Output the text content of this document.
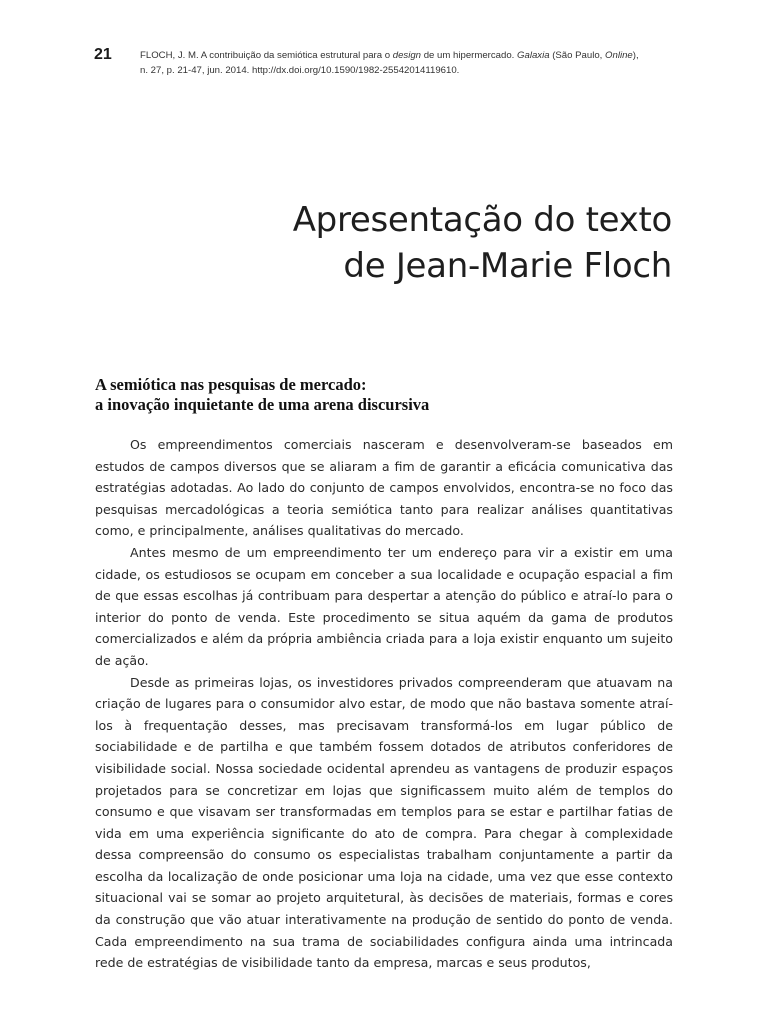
21	FLOCH, J. M. A contribuição da semiótica estrutural para o design de um hipermercado. Galaxia (São Paulo, Online),
n. 27, p. 21-47, jun. 2014. http://dx.doi.org/10.1590/1982-25542014119610.
Apresentação do texto
de Jean-Marie Floch
A semiótica nas pesquisas de mercado:
a inovação inquietante de uma arena discursiva

Os empreendimentos comerciais nasceram e desenvolveram-se baseados em estudos de campos diversos que se aliaram a fim de garantir a eficácia comunicativa das estratégias adotadas. Ao lado do conjunto de campos envolvidos, encontra-se no foco das pesquisas mercadológicas a teoria semiótica tanto para realizar análises quantitativas como, e principalmente, análises qualitativas do mercado.

Antes mesmo de um empreendimento ter um endereço para vir a existir em uma cidade, os estudiosos se ocupam em conceber a sua localidade e ocupação espacial a fim de que essas escolhas já contribuam para despertar a atenção do público e atraí-lo para o interior do ponto de venda. Este procedimento se situa aquém da gama de produtos comercializados e além da própria ambiência criada para a loja existir enquanto um sujeito de ação.

Desde as primeiras lojas, os investidores privados compreenderam que atuavam na criação de lugares para o consumidor alvo estar, de modo que não bastava somente atraí-los à frequentação desses, mas precisavam transformá-los em lugar público de sociabilidade e de partilha e que também fossem dotados de atributos conferidores de visibilidade social. Nossa sociedade ocidental aprendeu as vantagens de produzir espaços projetados para se concretizar em lojas que significassem muito além de templos do consumo e que visavam ser transformadas em templos para se estar e partilhar fatias de vida em uma experiência significante do ato de compra. Para chegar à complexidade dessa compreensão do consumo os especialistas trabalham conjuntamente a partir da escolha da localização de onde posicionar uma loja na cidade, uma vez que esse contexto situacional vai se somar ao projeto arquitetural, às decisões de materiais, formas e cores da construção que vão atuar interativamente na produção de sentido do ponto de venda. Cada empreendimento na sua trama de sociabilidades configura ainda uma intrincada rede de estratégias de visibilidade tanto da empresa, marcas e seus produtos,
